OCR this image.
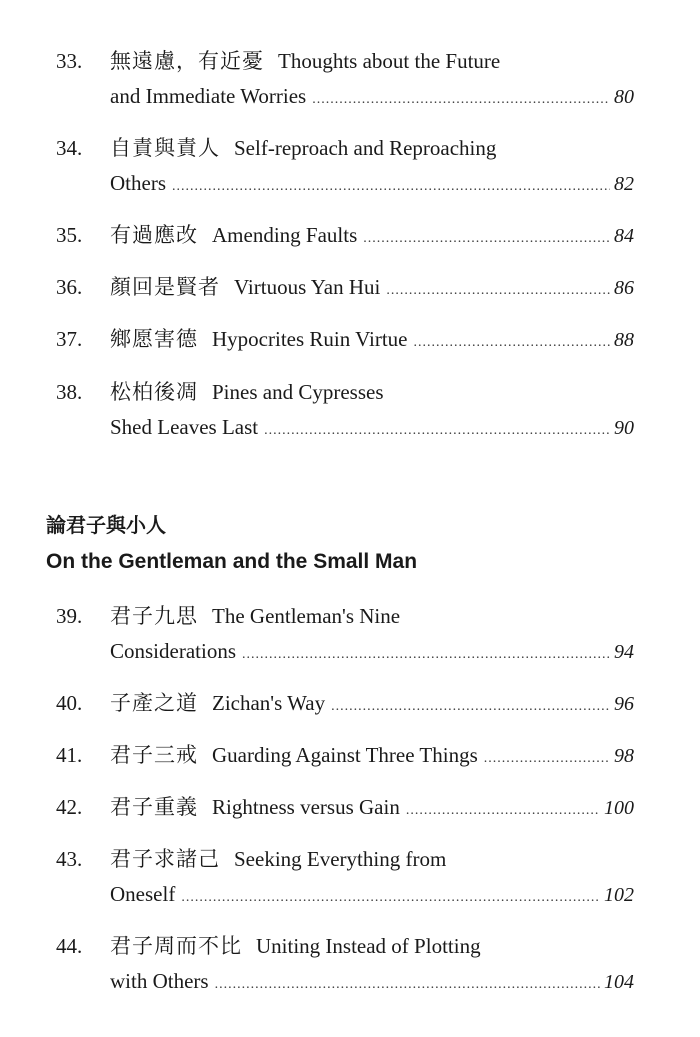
33.	無遠慮，有近憂 Thoughts about the Future
and Immediate Worries .....	80
34.	自責與責人 Self-reproach and Reproaching
Others .....	82
35.	有過應改 Amending Faults .....	84
36.	顏回是賢者 Virtuous Yan Hui .....	86
37.	鄉愿害德 Hypocrites Ruin Virtue .....	88
38.	松柏後凋 Pines and Cypresses
Shed Leaves Last .....	90
論君子與小人
On the Gentleman and the Small Man
39.	君子九思 The Gentleman's Nine
Considerations .....	94
40.	子產之道 Zichan's Way .....	96
41.	君子三戒 Guarding Against Three Things .....	98
42.	君子重義 Rightness versus Gain .....	100
43.	君子求諸己 Seeking Everything from
Oneself .....	102
44.	君子周而不比 Uniting Instead of Plotting
with Others .....	104
